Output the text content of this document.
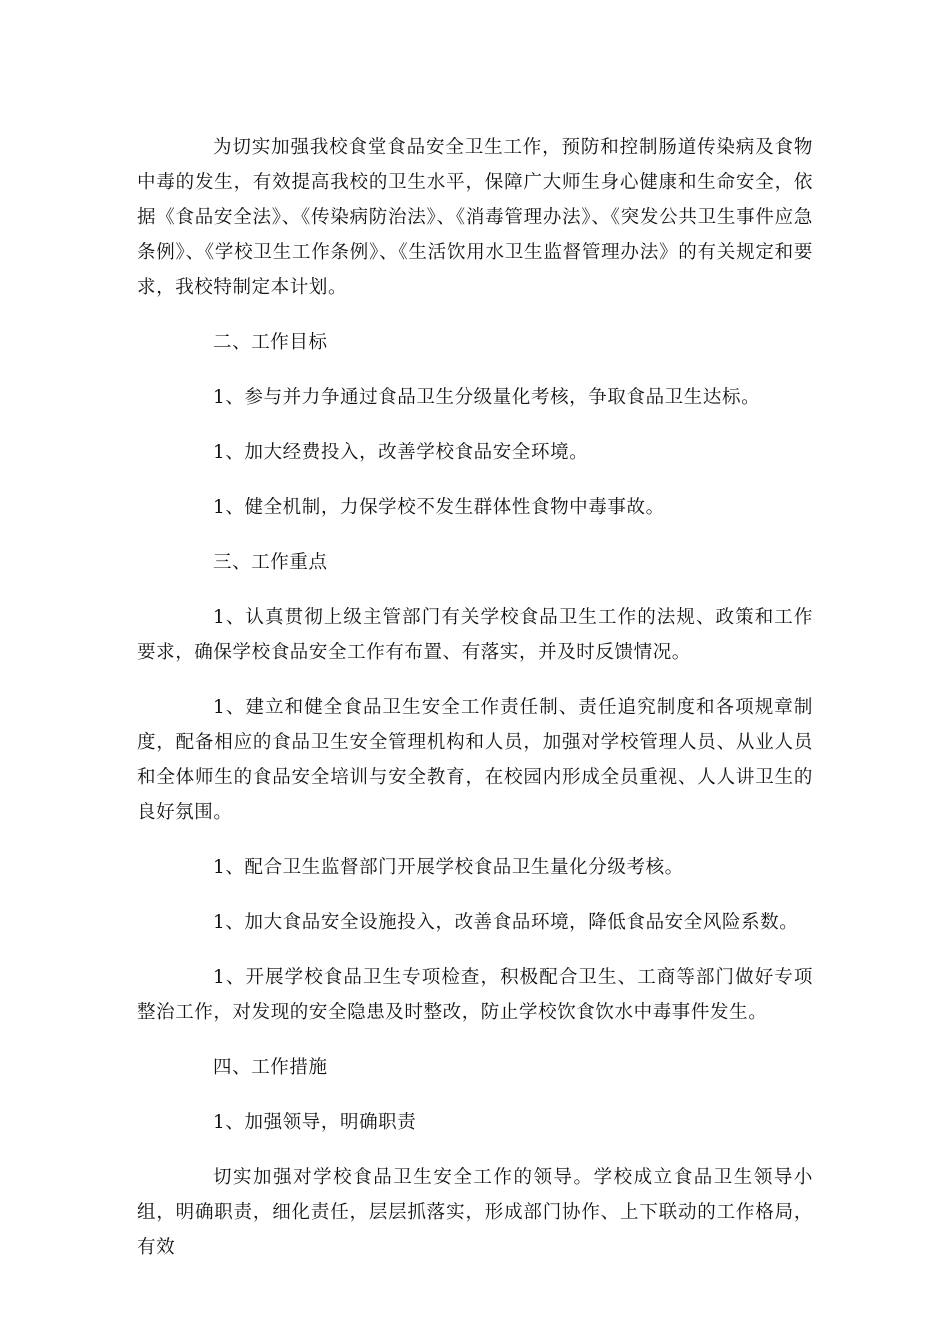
为切实加强我校食堂食品安全卫生工作，预防和控制肠道传染病及食物中毒的发生，有效提高我校的卫生水平，保障广大师生身心健康和生命安全，依据《食品安全法》、《传染病防治法》、《消毒管理办法》、《突发公共卫生事件应急条例》、《学校卫生工作条例》、《生活饮用水卫生监督管理办法》的有关规定和要求，我校特制定本计划。

二、工作目标

1、参与并力争通过食品卫生分级量化考核，争取食品卫生达标。

1、加大经费投入，改善学校食品安全环境。

1、健全机制，力保学校不发生群体性食物中毒事故。

三、工作重点

1、认真贯彻上级主管部门有关学校食品卫生工作的法规、政策和工作要求，确保学校食品安全工作有布置、有落实，并及时反馈情况。

1、建立和健全食品卫生安全工作责任制、责任追究制度和各项规章制度，配备相应的食品卫生安全管理机构和人员，加强对学校管理人员、从业人员和全体师生的食品安全培训与安全教育，在校园内形成全员重视、人人讲卫生的良好氛围。

1、配合卫生监督部门开展学校食品卫生量化分级考核。

1、加大食品安全设施投入，改善食品环境，降低食品安全风险系数。

1、开展学校食品卫生专项检查，积极配合卫生、工商等部门做好专项整治工作，对发现的安全隐患及时整改，防止学校饮食饮水中毒事件发生。

四、工作措施

1、加强领导，明确职责

切实加强对学校食品卫生安全工作的领导。学校成立食品卫生领导小组，明确职责，细化责任，层层抓落实，形成部门协作、上下联动的工作格局，有效
